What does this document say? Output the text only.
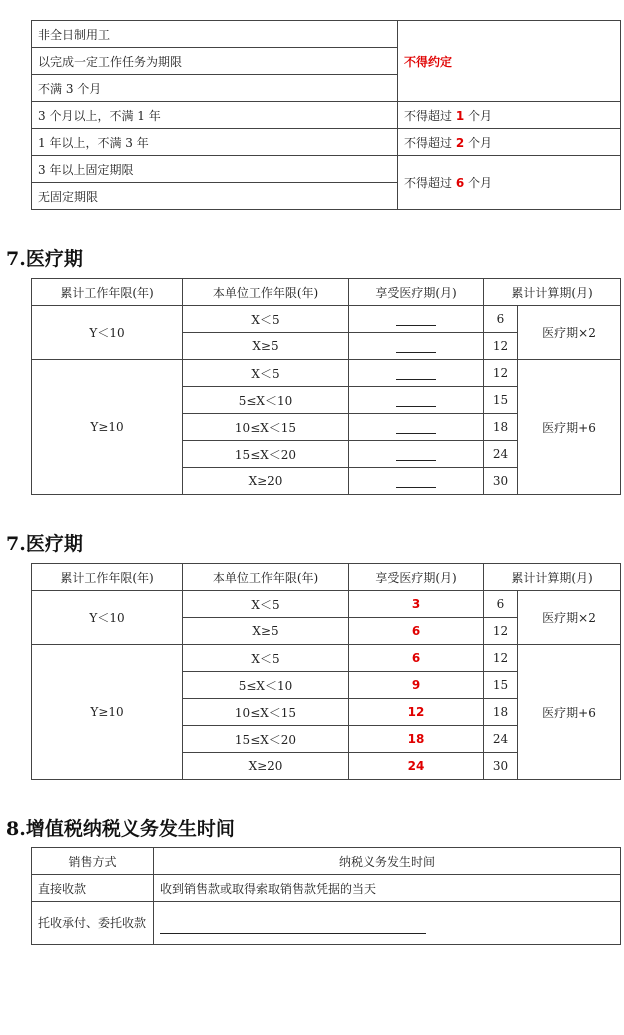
非全日制用工	不得约定
以完成一定工作任务为期限	
不满 3 个月	
3 个月以上，不满 1 年	不得超过 1 个月
1 年以上，不满 3 年	不得超过 2 个月
3 年以上固定期限	不得超过 6 个月
无固定期限	
7.医疗期
累计工作年限(年)	本单位工作年限(年)	享受医疗期(月)	累计计算期(月)	
Y＜10	X＜5		6	医疗期×2
	X≥5		12	
Y≥10	X＜5		12	医疗期+6
	5≤X＜10		15	
	10≤X＜15		18	
	15≤X＜20		24	
	X≥20		30	
7.医疗期
累计工作年限(年)	本单位工作年限(年)	享受医疗期(月)	累计计算期(月)	
Y＜10	X＜5	3	6	医疗期×2
	X≥5	6	12	
Y≥10	X＜5	6	12	医疗期+6
	5≤X＜10	9	15	
	10≤X＜15	12	18	
	15≤X＜20	18	24	
	X≥20	24	30	
8.增值税纳税义务发生时间
销售方式	纳税义务发生时间
直接收款	收到销售款或取得索取销售款凭据的当天
托收承付、委托收款	
